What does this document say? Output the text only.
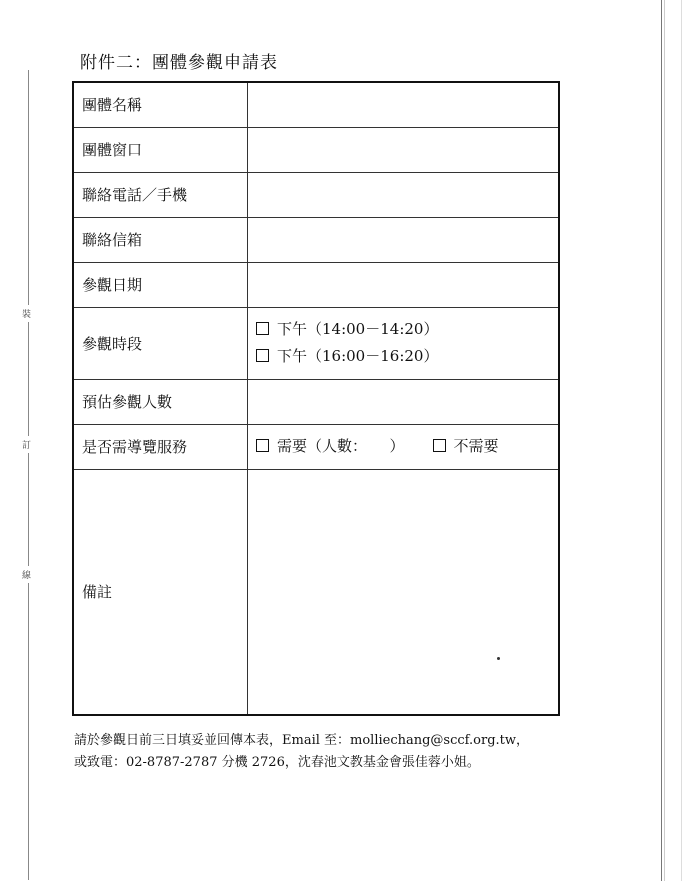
裝
訂
線
附件二：團體參觀申請表
團體名稱	
團體窗口	
聯絡電話／手機	
聯絡信箱	
參觀日期	
參觀時段	下午（14:00－14:20）
下午（16:00－16:20）

預估參觀人數	
是否需導覽服務	需要（人數：　　） 不需要
備註	
請於參觀日前三日填妥並回傳本表，Email 至：molliechang@sccf.org.tw，
或致電：02-8787-2787 分機 2726，沈春池文教基金會張佳蓉小姐。
